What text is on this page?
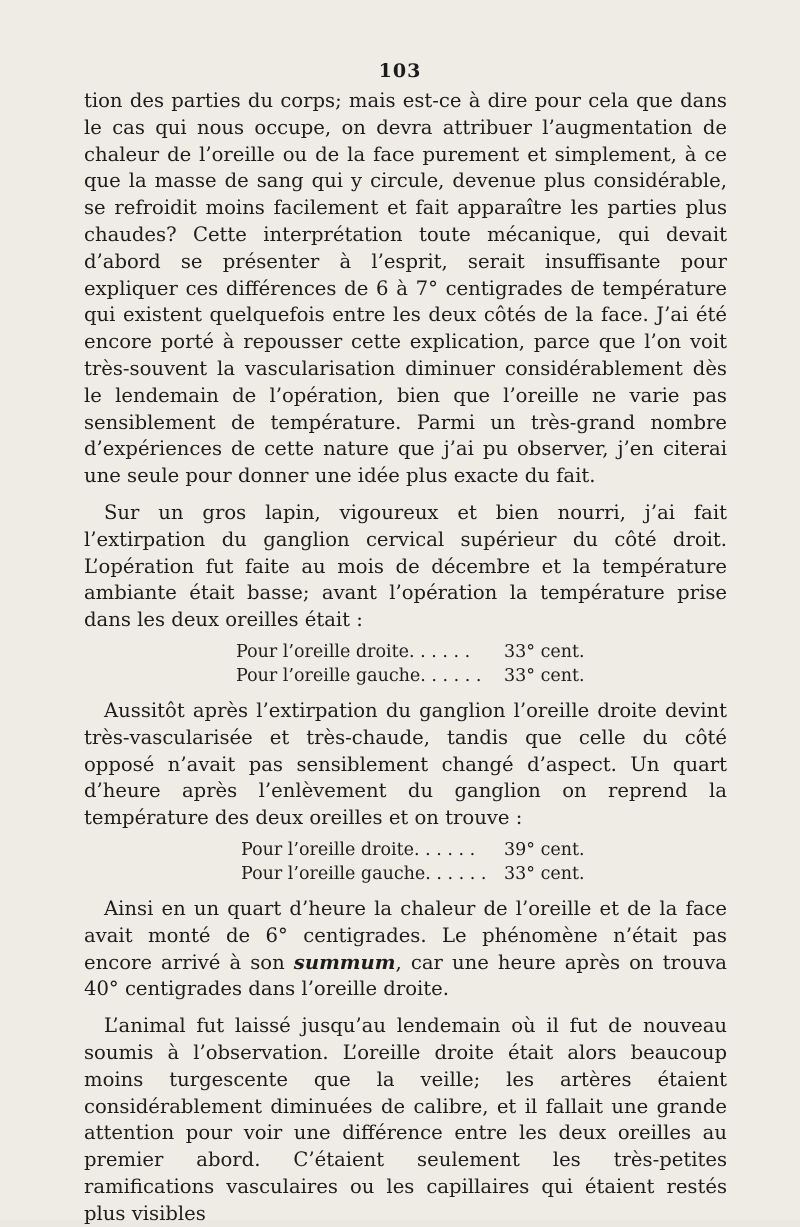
103

tion des parties du corps; mais est-ce à dire pour cela que dans le cas qui nous occupe, on devra attribuer l’augmentation de chaleur de l’oreille ou de la face purement et simplement, à ce que la masse de sang qui y circule, devenue plus considérable, se refroidit moins facilement et fait apparaître les parties plus chaudes? Cette interprétation toute mécanique, qui devait d’abord se présenter à l’esprit, serait insuffisante pour expliquer ces différences de 6 à 7° centigrades de température qui existent quelquefois entre les deux côtés de la face. J’ai été encore porté à repousser cette explication, parce que l’on voit très-souvent la vascularisation diminuer considérablement dès le lendemain de l’opération, bien que l’oreille ne varie pas sensiblement de température. Parmi un très-grand nombre d’expériences de cette nature que j’ai pu observer, j’en citerai une seule pour donner une idée plus exacte du fait.

Sur un gros lapin, vigoureux et bien nourri, j’ai fait l’extirpation du ganglion cervical supérieur du côté droit. L’opération fut faite au mois de décembre et la température ambiante était basse; avant l’opération la température prise dans les deux oreilles était :

Pour l’oreille droite. . . . . .	33° cent.
Pour l’oreille gauche. . . . . .	33° cent.

Aussitôt après l’extirpation du ganglion l’oreille droite devint très-vascularisée et très-chaude, tandis que celle du côté opposé n’avait pas sensiblement changé d’aspect. Un quart d’heure après l’enlèvement du ganglion on reprend la température des deux oreilles et on trouve :

Pour l’oreille droite. . . . . .	39° cent.
Pour l’oreille gauche. . . . . .	33° cent.

Ainsi en un quart d’heure la chaleur de l’oreille et de la face avait monté de 6° centigrades. Le phénomène n’était pas encore arrivé à son summum, car une heure après on trouva 40° centigrades dans l’oreille droite.

L’animal fut laissé jusqu’au lendemain où il fut de nouveau soumis à l’observation. L’oreille droite était alors beaucoup moins turgescente que la veille; les artères étaient considérablement diminuées de calibre, et il fallait une grande attention pour voir une différence entre les deux oreilles au premier abord. C’étaient seulement les très-petites ramifications vasculaires ou les capillaires qui étaient restés plus visibles
